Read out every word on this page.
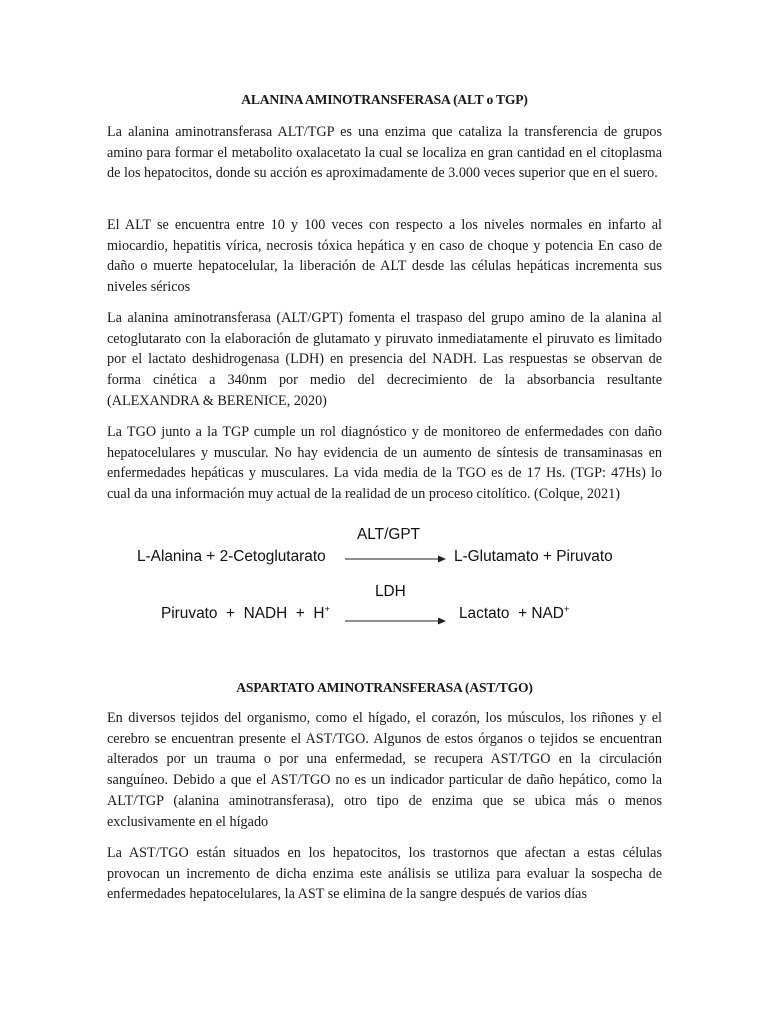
ALANINA AMINOTRANSFERASA (ALT o TGP)

La alanina aminotransferasa ALT/TGP es una enzima que cataliza la transferencia de grupos amino para formar el metabolito oxalacetato la cual se localiza en gran cantidad en el citoplasma de los hepatocitos, donde su acción es aproximadamente de 3.000 veces superior que en el suero.

El ALT se encuentra entre 10 y 100 veces con respecto a los niveles normales en infarto al miocardio, hepatitis vírica, necrosis tóxica hepática y en caso de choque y potencia En caso de daño o muerte hepatocelular, la liberación de ALT desde las células hepáticas incrementa sus niveles séricos

La alanina aminotransferasa (ALT/GPT) fomenta el traspaso del grupo amino de la alanina al cetoglutarato con la elaboración de glutamato y piruvato inmediatamente el piruvato es limitado por el lactato deshidrogenasa (LDH) en presencia del NADH. Las respuestas se observan de forma cinética a 340nm por medio del decrecimiento de la absorbancia resultante (ALEXANDRA & BERENICE, 2020)

La TGO junto a la TGP cumple un rol diagnóstico y de monitoreo de enfermedades con daño hepatocelulares y muscular. No hay evidencia de un aumento de síntesis de transaminasas en enfermedades hepáticas y musculares. La vida media de la TGO es de 17 Hs. (TGP: 47Hs) lo cual da una información muy actual de la realidad de un proceso citolítico. (Colque, 2021)

ALT/GPT
L-Alanina + 2-Cetoglutarato	L-Glutamato + Piruvato
LDH
Piruvato + NADH + H+	Lactato + NAD+
ASPARTATO AMINOTRANSFERASA (AST/TGO)

En diversos tejidos del organismo, como el hígado, el corazón, los músculos, los riñones y el cerebro se encuentran presente el AST/TGO. Algunos de estos órganos o tejidos se encuentran alterados por un trauma o por una enfermedad, se recupera AST/TGO en la circulación sanguíneo. Debido a que el AST/TGO no es un indicador particular de daño hepático, como la ALT/TGP (alanina aminotransferasa), otro tipo de enzima que se ubica más o menos exclusivamente en el hígado

La AST/TGO están situados en los hepatocitos, los trastornos que afectan a estas células provocan un incremento de dicha enzima este análisis se utiliza para evaluar la sospecha de enfermedades hepatocelulares, la AST se elimina de la sangre después de varios días
